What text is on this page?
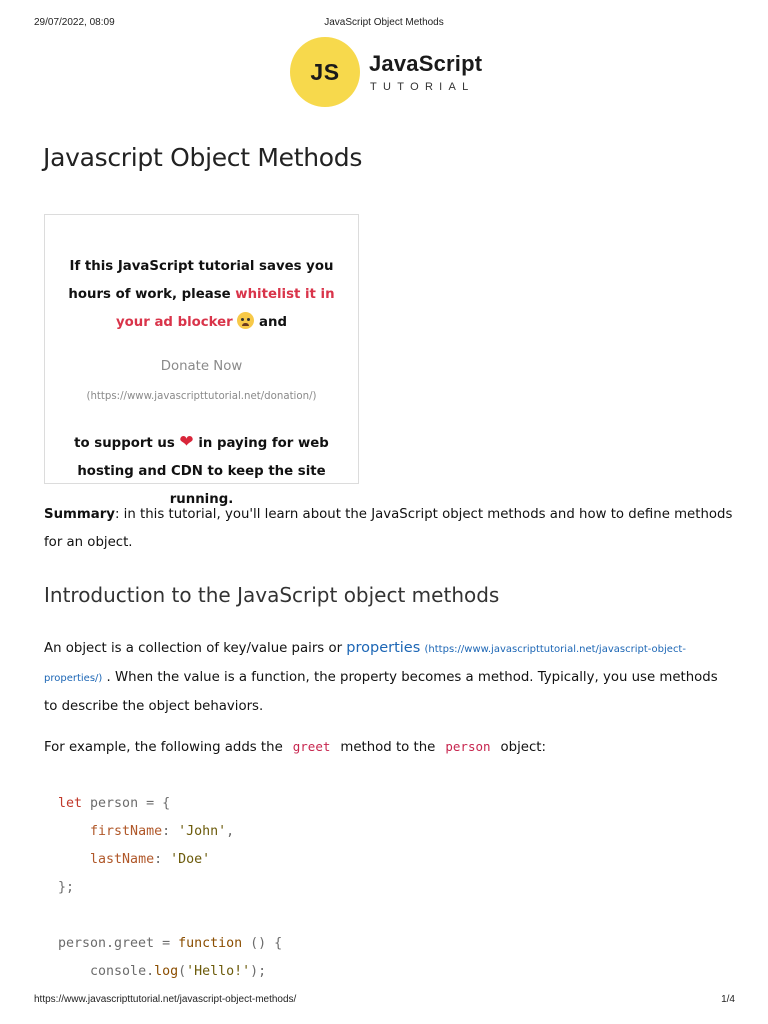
29/07/2022, 08:09	JavaScript Object Methods
JS	JavaScript
TUTORIAL
Javascript Object Methods
If this JavaScript tutorial saves you
hours of work, please whitelist it in
your ad blocker and
Donate Now
(https://www.javascripttutorial.net/donation/)
to support us ❤ in paying for web
hosting and CDN to keep the site
running.

Summary: in this tutorial, you'll learn about the JavaScript object methods and how to define methods for an object.

Introduction to the JavaScript object methods

An object is a collection of key/value pairs or properties (https://www.javascripttutorial.net/javascript-object-
properties/) . When the value is a function, the property becomes a method. Typically, you use methods to describe the object behaviors.

For example, the following adds the greet method to the person object:

let person = {
firstName: 'John',
lastName: 'Doe'
};

person.greet = function () {
console.log('Hello!');
https://www.javascripttutorial.net/javascript-object-methods/	1/4
